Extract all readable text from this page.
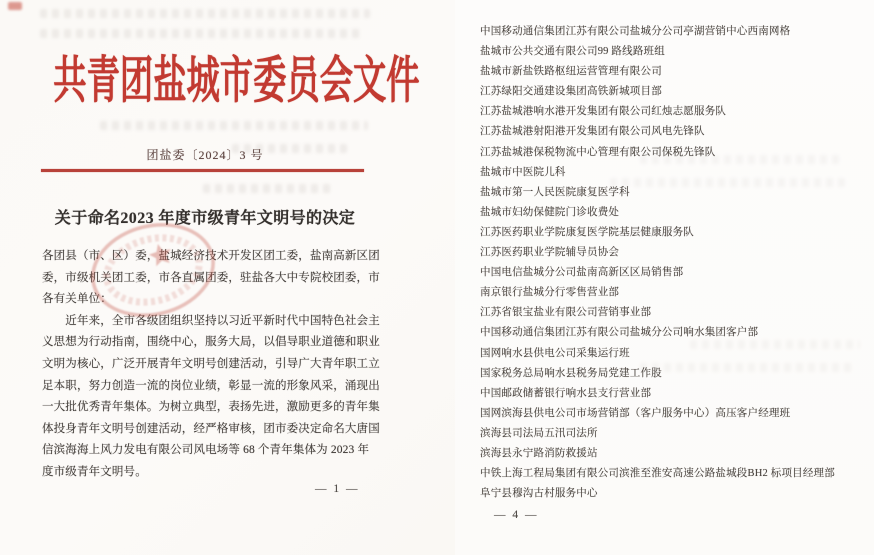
共青团盐城市委员会文件
团盐委〔2024〕3 号
关于命名2023 年度市级青年文明号的决定
各团县（市、区）委，盐城经济技术开发区团工委，盐南高新区团
委，市级机关团工委，市各直属团委，驻盐各大中专院校团委，市
各有关单位：
　　近年来，全市各级团组织坚持以习近平新时代中国特色社会主
义思想为行动指南，围绕中心，服务大局，以倡导职业道德和职业
文明为核心，广泛开展青年文明号创建活动，引导广大青年职工立
足本职，努力创造一流的岗位业绩，彰显一流的形象风采，涌现出
一大批优秀青年集体。为树立典型，表扬先进，激励更多的青年集
体投身青年文明号创建活动，经严格审核，团市委决定命名大唐国
信滨海海上风力发电有限公司风电场等 68 个青年集体为 2023 年
度市级青年文明号。
— 1 —
中国移动通信集团江苏有限公司盐城分公司亭湖营销中心西南网格
盐城市公共交通有限公司99 路线路班组
盐城市新盐铁路枢纽运营管理有限公司
江苏绿阳交通建设集团高铁新城项目部
江苏盐城港响水港开发集团有限公司红烛志愿服务队
江苏盐城港射阳港开发集团有限公司风电先锋队
江苏盐城港保税物流中心管理有限公司保税先锋队
盐城市中医院儿科
盐城市第一人民医院康复医学科
盐城市妇幼保健院门诊收费处
江苏医药职业学院康复医学院基层健康服务队
江苏医药职业学院辅导员协会
中国电信盐城分公司盐南高新区区局销售部
南京银行盐城分行零售营业部
江苏省银宝盐业有限公司营销事业部
中国移动通信集团江苏有限公司盐城分公司响水集团客户部
国网响水县供电公司采集运行班
国家税务总局响水县税务局党建工作股
中国邮政储蓄银行响水县支行营业部
国网滨海县供电公司市场营销部（客户服务中心）高压客户经理班
滨海县司法局五汛司法所
滨海县永宁路消防救援站
中铁上海工程局集团有限公司滨淮至淮安高速公路盐城段BH2 标项目经理部
阜宁县穆沟古村服务中心
— 4 —
